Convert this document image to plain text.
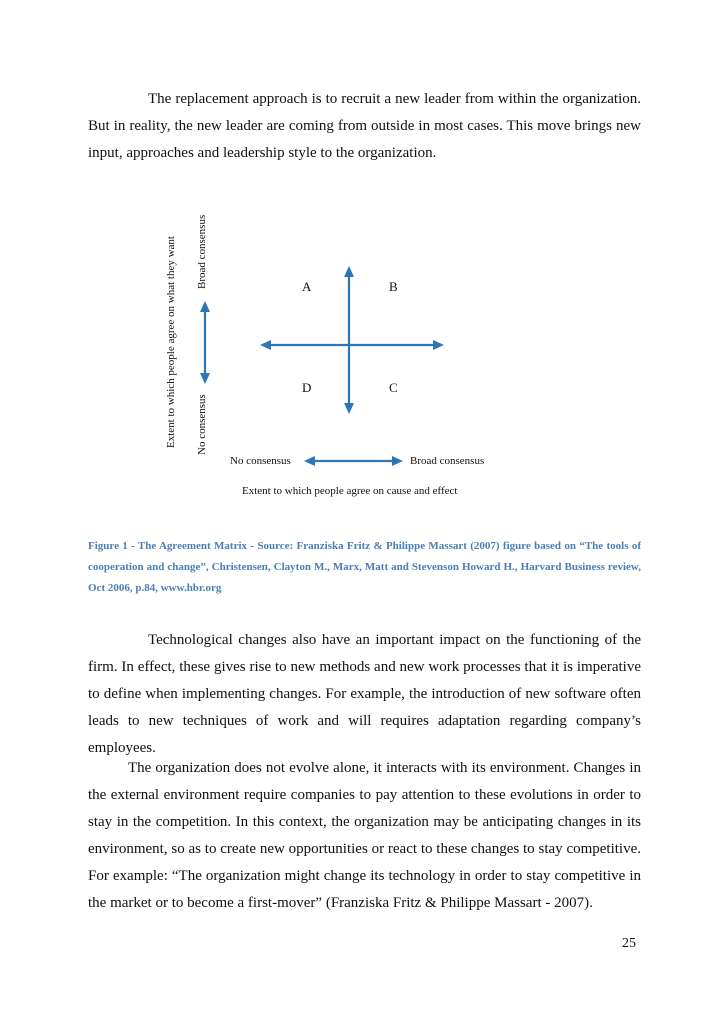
The replacement approach is to recruit a new leader from within the organization. But in reality, the new leader are coming from outside in most cases. This move brings new input, approaches and leadership style to the organization.

Extent to which people agree on what they want Broad consensus
No consensus
A	B
D	C
No consensus	Broad consensus
Extent to which people agree on cause and effect

Figure 1 - The Agreement Matrix - Source: Franziska Fritz & Philippe Massart (2007) figure based on “The tools of cooperation and change”, Christensen, Clayton M., Marx, Matt and Stevenson Howard H., Harvard Business review, Oct 2006, p.84, www.hbr.org

Technological changes also have an important impact on the functioning of the firm. In effect, these gives rise to new methods and new work processes that it is imperative to define when implementing changes. For example, the introduction of new software often leads to new techniques of work and will requires adaptation regarding company’s employees.

The organization does not evolve alone, it interacts with its environment. Changes in the external environment require companies to pay attention to these evolutions in order to stay in the competition. In this context, the organization may be anticipating changes in its environment, so as to create new opportunities or react to these changes to stay competitive. For example: “The organization might change its technology in order to stay competitive in the market or to become a first-mover” (Franziska Fritz & Philippe Massart - 2007).

25
